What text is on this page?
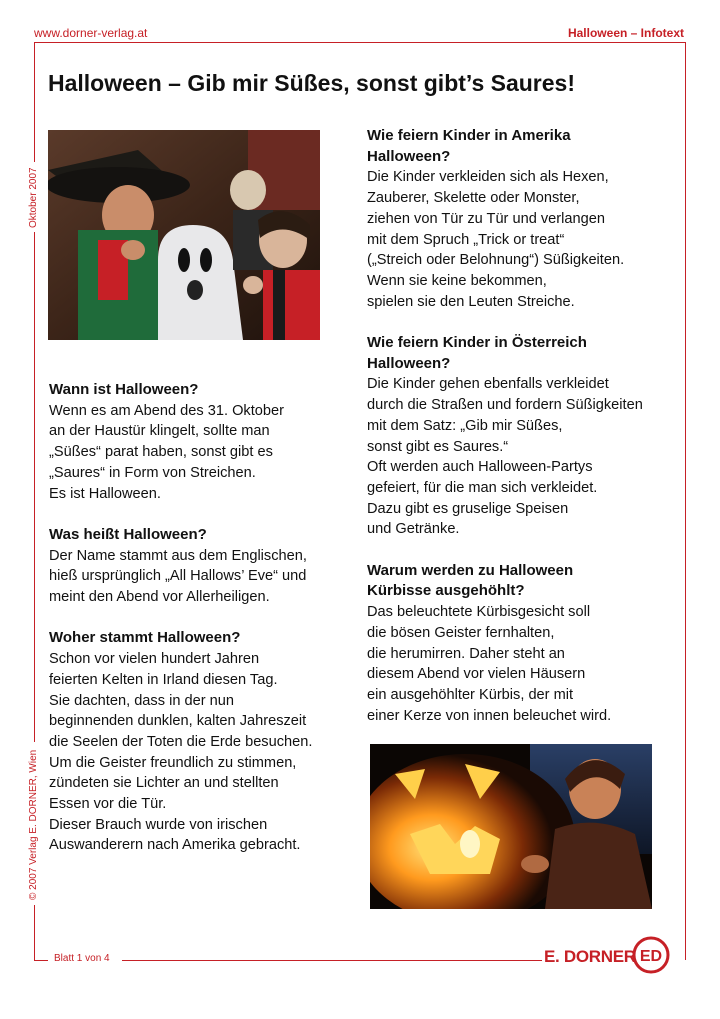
www.dorner-verlag.at	Halloween – Infotext
Oktober 2007
© 2007 Verlag E. DORNER, Wien
Halloween – Gib mir Süßes, sonst gibt’s Saures!
Wann ist Halloween?

Wenn es am Abend des 31. Oktober
an der Haustür klingelt, sollte man
„Süßes“ parat haben, sonst gibt es
„Saures“ in Form von Streichen.
Es ist Halloween.

Was heißt Halloween?

Der Name stammt aus dem Englischen,
hieß ursprünglich „All Hallows’ Eve“ und
meint den Abend vor Allerheiligen.

Woher stammt Halloween?

Schon vor vielen hundert Jahren
feierten Kelten in Irland diesen Tag.
Sie dachten, dass in der nun
beginnenden dunklen, kalten Jahreszeit
die Seelen der Toten die Erde besuchen.
Um die Geister freundlich zu stimmen,
zündeten sie Lichter an und stellten
Essen vor die Tür.
Dieser Brauch wurde von irischen
Auswanderern nach Amerika gebracht.

Wie feiern Kinder in Amerika
Halloween?

Die Kinder verkleiden sich als Hexen,
Zauberer, Skelette oder Monster,
ziehen von Tür zu Tür und verlangen
mit dem Spruch „Trick or treat“
(„Streich oder Belohnung“) Süßigkeiten.
Wenn sie keine bekommen,
spielen sie den Leuten Streiche.

Wie feiern Kinder in Österreich
Halloween?

Die Kinder gehen ebenfalls verkleidet
durch die Straßen und fordern Süßigkeiten
mit dem Satz: „Gib mir Süßes,
sonst gibt es Saures.“
Oft werden auch Halloween-Partys
gefeiert, für die man sich verkleidet.
Dazu gibt es gruselige Speisen
und Getränke.

Warum werden zu Halloween
Kürbisse ausgehöhlt?

Das beleuchtete Kürbisgesicht soll
die bösen Geister fernhalten,
die herumirren. Daher steht an
diesem Abend vor vielen Häusern
ein ausgehöhlter Kürbis, der mit
einer Kerze von innen beleuchet wird.

Blatt 1 von 4	E. DORNER ED
